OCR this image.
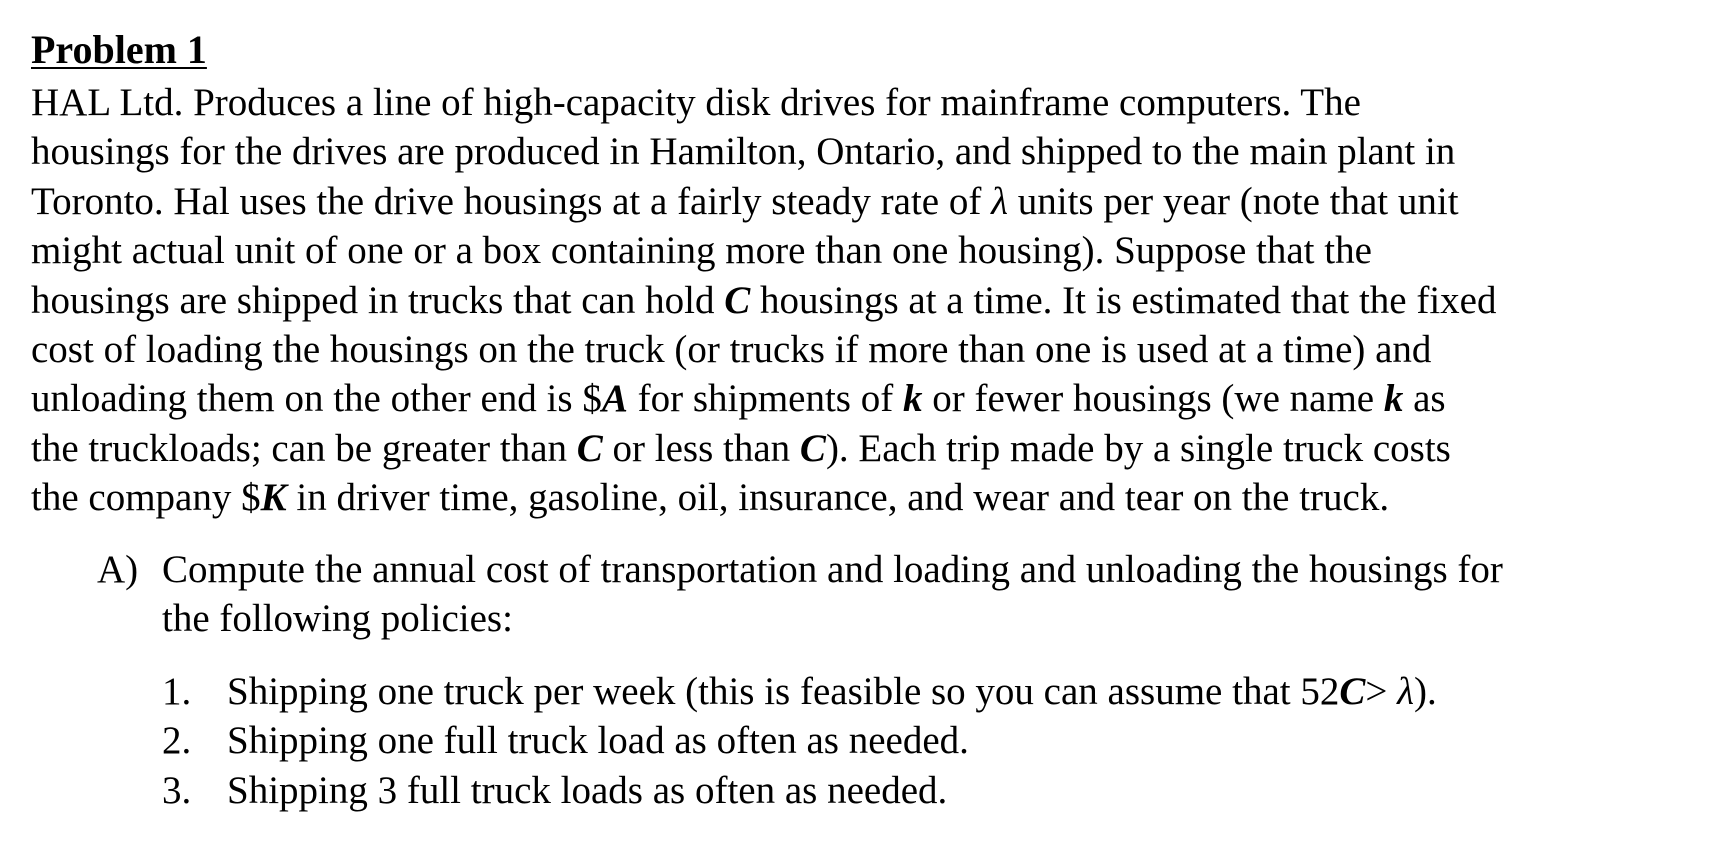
Problem 1
HAL Ltd. Produces a line of high-capacity disk drives for mainframe computers. The
housings for the drives are produced in Hamilton, Ontario, and shipped to the main plant in
Toronto. Hal uses the drive housings at a fairly steady rate of λ units per year (note that unit
might actual unit of one or a box containing more than one housing). Suppose that the
housings are shipped in trucks that can hold C housings at a time. It is estimated that the fixed
cost of loading the housings on the truck (or trucks if more than one is used at a time) and
unloading them on the other end is $A for shipments of k or fewer housings (we name k as
the truckloads; can be greater than C or less than C). Each trip made by a single truck costs
the company $K in driver time, gasoline, oil, insurance, and wear and tear on the truck.
A) Compute the annual cost of transportation and loading and unloading the housings for
the following policies:
1. Shipping one truck per week (this is feasible so you can assume that 52C> λ).
2. Shipping one full truck load as often as needed.
3. Shipping 3 full truck loads as often as needed.
